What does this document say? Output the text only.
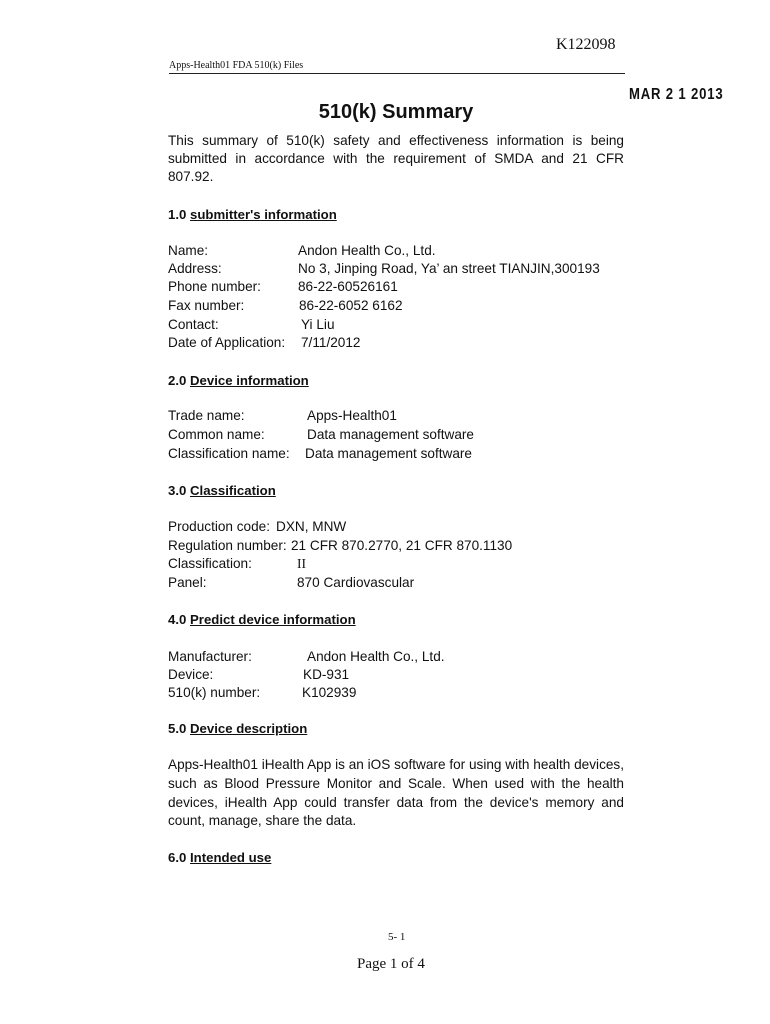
K122098
Apps-Health01 FDA 510(k) Files
MAR 2 1 2013
510(k) Summary
This summary of 510(k) safety and effectiveness information is being
submitted in accordance with the requirement of SMDA and 21 CFR
807.92.
1.0 submitter's information
Name:	Andon Health Co., Ltd.
Address:	No 3, Jinping Road, Ya’ an street TIANJIN,300193
Phone number:	86-22-60526161
Fax number:	86-22-6052 6162
Contact:	Yi Liu
Date of Application: 7/11/2012
2.0 Device information
Trade name:	Apps-Health01
Common name:	Data management software
Classification name: Data management software
3.0 Classification
Production code: DXN, MNW
Regulation number: 21 CFR 870.2770, 21 CFR 870.1130
Classification:	II
Panel:	870 Cardiovascular
4.0 Predict device information
Manufacturer:	Andon Health Co., Ltd.
Device:	KD-931
510(k) number:	K102939
5.0 Device description
Apps-Health01 iHealth App is an iOS software for using with health devices,
such as Blood Pressure Monitor and Scale. When used with the health
devices, iHealth App could transfer data from the device's memory and
count, manage, share the data.
6.0 Intended use
5- 1
Page 1 of 4
